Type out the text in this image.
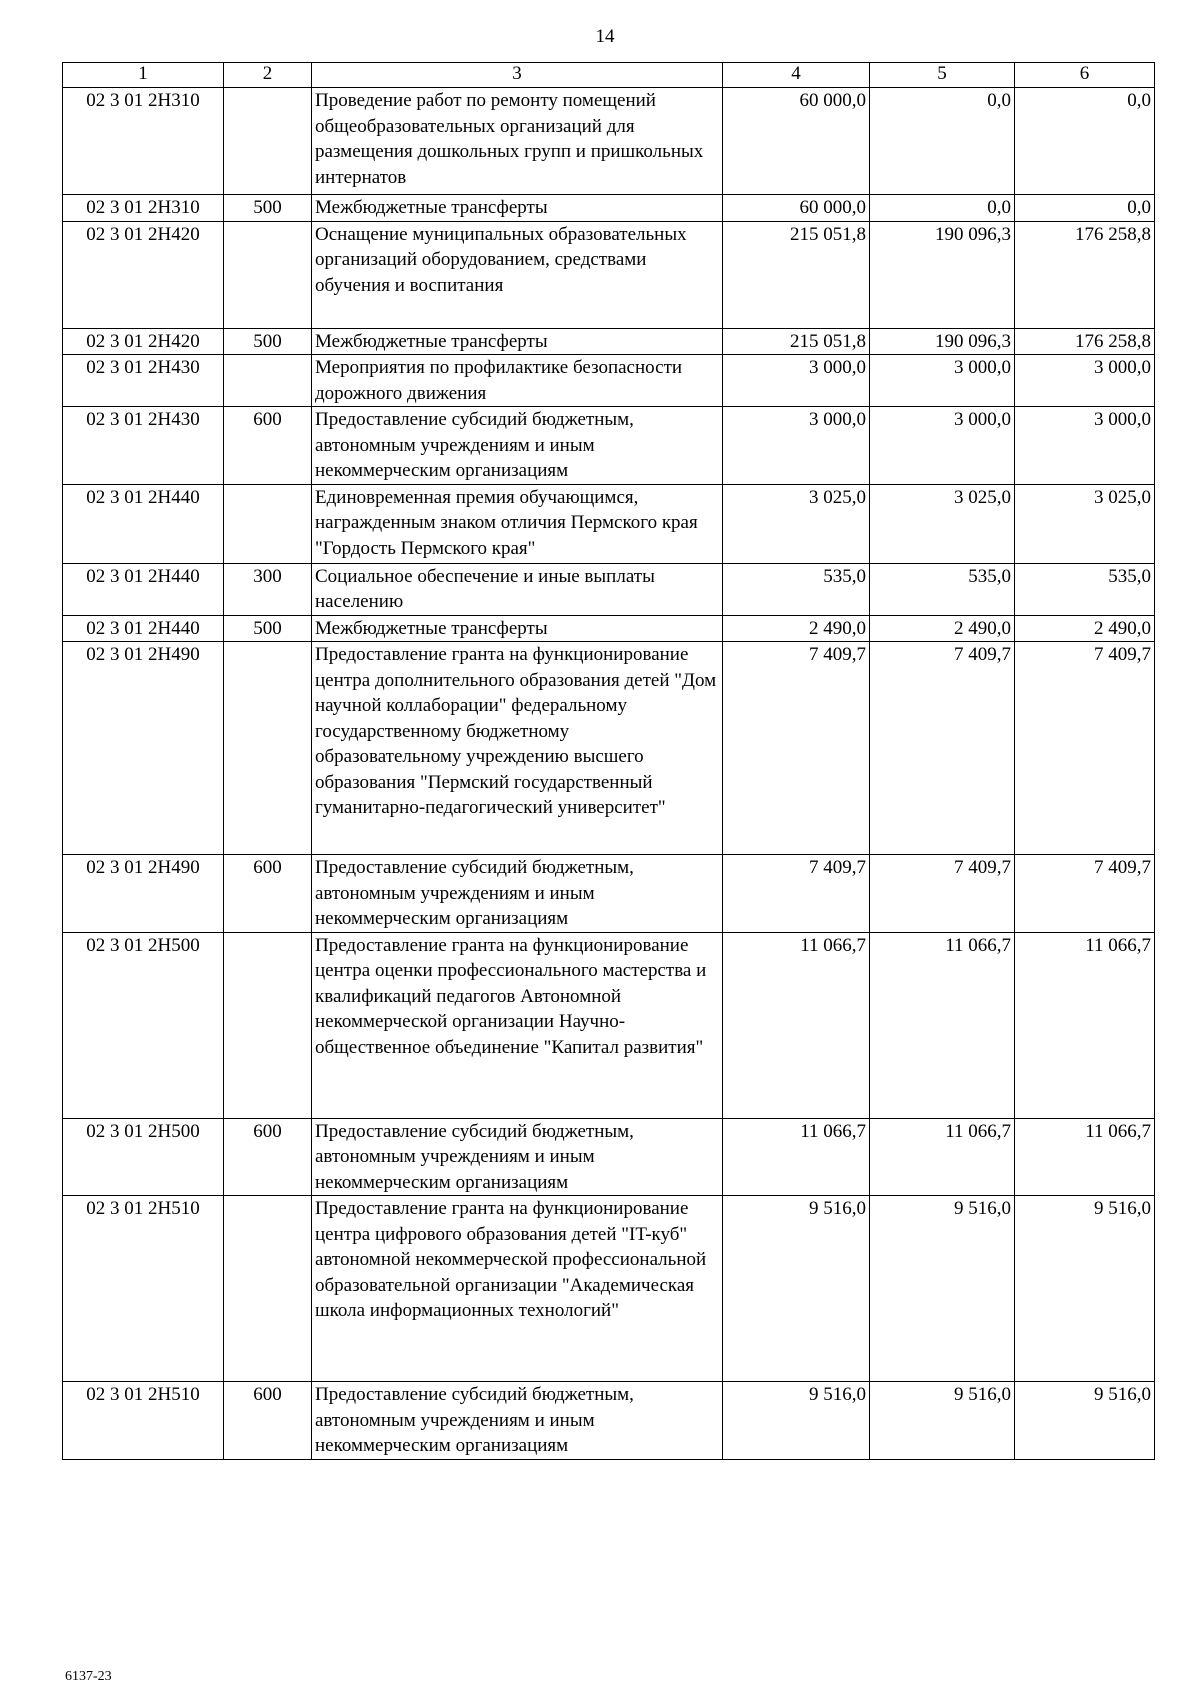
14
1	2	3	4	5	6
02 3 01 2Н310		Проведение работ по ремонту помещений общеобразовательных организаций для размещения дошкольных групп и пришкольных интернатов	60 000,0	0,0	0,0
02 3 01 2Н310	500	Межбюджетные трансферты	60 000,0	0,0	0,0
02 3 01 2Н420		Оснащение муниципальных образовательных организаций оборудованием, средствами обучения и воспитания	215 051,8	190 096,3	176 258,8
02 3 01 2Н420	500	Межбюджетные трансферты	215 051,8	190 096,3	176 258,8
02 3 01 2Н430		Мероприятия по профилактике безопасности дорожного движения	3 000,0	3 000,0	3 000,0
02 3 01 2Н430	600	Предоставление субсидий бюджетным, автономным учреждениям и иным некоммерческим организациям	3 000,0	3 000,0	3 000,0
02 3 01 2Н440		Единовременная премия обучающимся, награжденным знаком отличия Пермского края "Гордость Пермского края"	3 025,0	3 025,0	3 025,0
02 3 01 2Н440	300	Социальное обеспечение и иные выплаты населению	535,0	535,0	535,0
02 3 01 2Н440	500	Межбюджетные трансферты	2 490,0	2 490,0	2 490,0
02 3 01 2Н490		Предоставление гранта на функционирование центра дополнительного образования детей "Дом научной коллаборации" федеральному государственному бюджетному образовательному учреждению высшего образования "Пермский государственный гуманитарно-педагогический университет"	7 409,7	7 409,7	7 409,7
02 3 01 2Н490	600	Предоставление субсидий бюджетным, автономным учреждениям и иным некоммерческим организациям	7 409,7	7 409,7	7 409,7
02 3 01 2Н500		Предоставление гранта на функционирование центра оценки профессионального мастерства и квалификаций педагогов Автономной некоммерческой организации Научно-общественное объединение "Капитал развития"	11 066,7	11 066,7	11 066,7
02 3 01 2Н500	600	Предоставление субсидий бюджетным, автономным учреждениям и иным некоммерческим организациям	11 066,7	11 066,7	11 066,7
02 3 01 2Н510		Предоставление гранта на функционирование центра цифрового образования детей "IT-куб" автономной некоммерческой профессиональной образовательной организации "Академическая школа информационных технологий"	9 516,0	9 516,0	9 516,0
02 3 01 2Н510	600	Предоставление субсидий бюджетным, автономным учреждениям и иным некоммерческим организациям	9 516,0	9 516,0	9 516,0
6137-23
